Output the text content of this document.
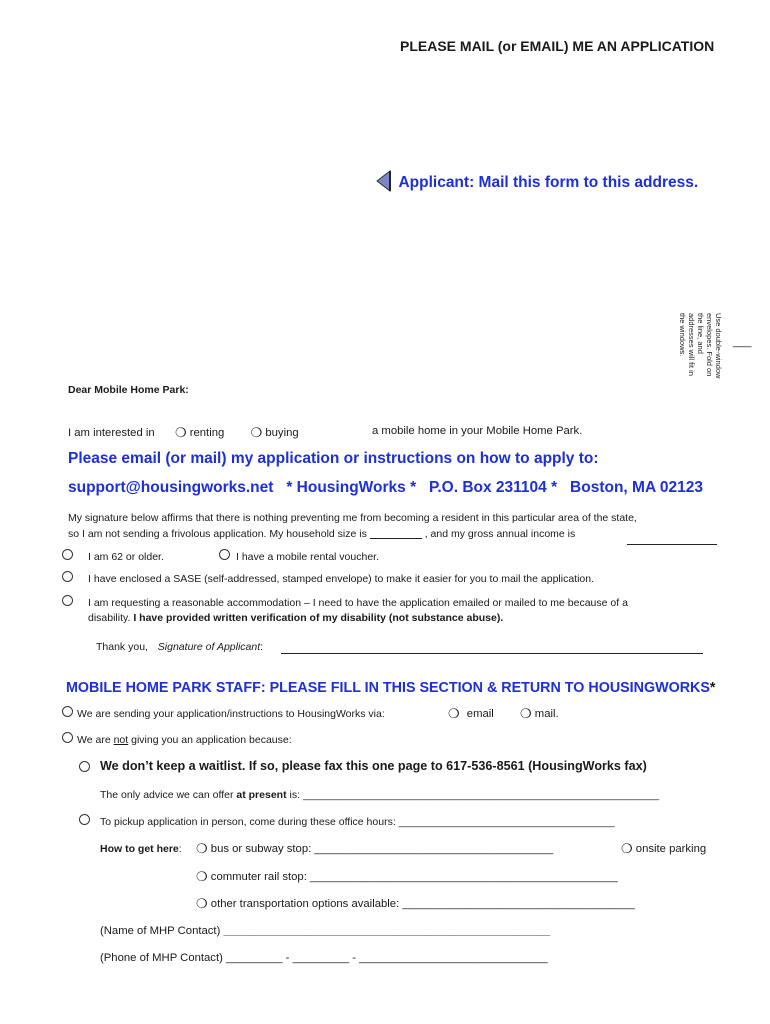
PLEASE MAIL (or EMAIL) ME AN APPLICATION
Applicant: Mail this form to this address.
Use double-window
envelopes. Fold on
the line, and
addresses will fit in
the windows.	___
Dear Mobile Home Park:
I am interested in ❍ renting ❍ buying	a mobile home in your Mobile Home Park.
Please email (or mail) my application or instructions on how to apply to:
support@housingworks.net   * HousingWorks *   P.O. Box 231104 *   Boston, MA 02123
My signature below affirms that there is nothing preventing me from becoming a resident in this particular area of the state,
so I am not sending a frivolous application. My household size is	, and my gross annual income is
I am 62 or older.	I have a mobile rental voucher.
I have enclosed a SASE (self-addressed, stamped envelope) to make it easier for you to mail the application.
I am requesting a reasonable accommodation – I need to have the application emailed or mailed to me because of a
disability. I have provided written verification of my disability (not substance abuse).
Thank you, Signature of Applicant:
MOBILE HOME PARK STAFF: PLEASE FILL IN THIS SECTION & RETURN TO HOUSINGWORKS*
We are sending your application/instructions to HousingWorks via:	❍ email ❍ mail.
We are not giving you an application because:
We don’t keep a waitlist. If so, please fax this one page to 617-536-8561 (HousingWorks fax)
The only advice we can offer at present is: _____________________________________________________________
To pickup application in person, come during these office hours: _____________________________________
How to get here: ❍ bus or subway stop: ______________________________________	❍ onsite parking
❍ commuter rail stop: _________________________________________________
❍ other transportation options available: _____________________________________
(Name of MHP Contact) ____________________________________________________
(Phone of MHP Contact) _________ - _________ - ______________________________
